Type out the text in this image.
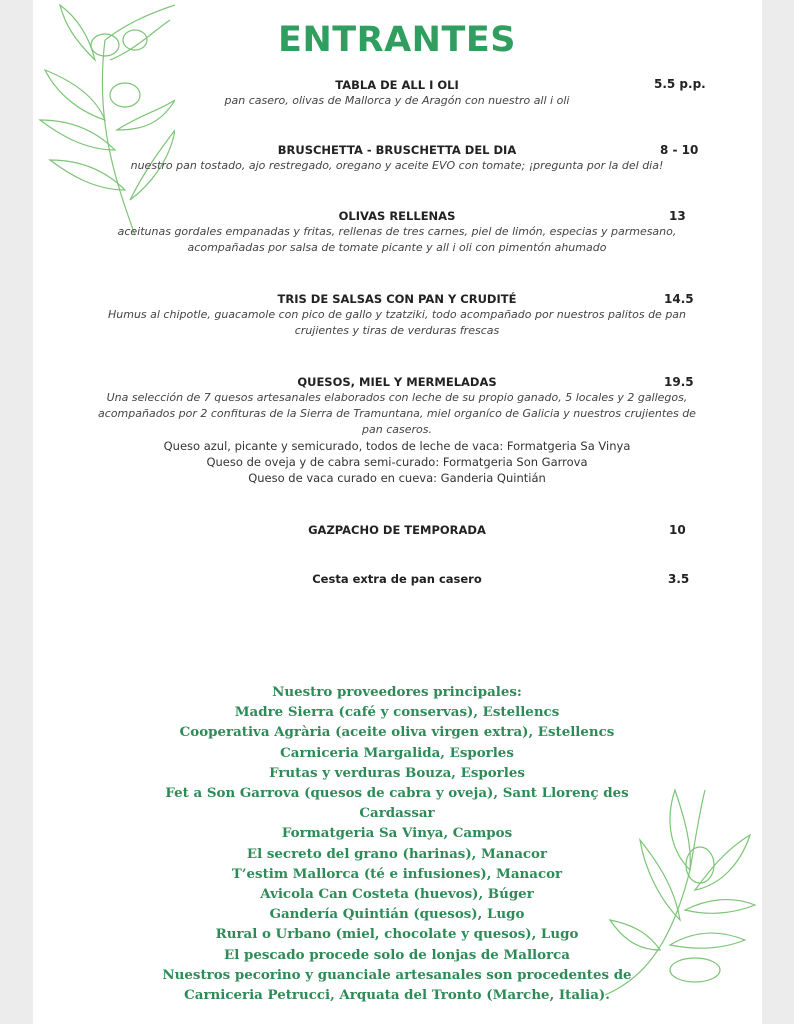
ENTRANTES
TABLA DE ALL I OLI
pan casero, olivas de Mallorca y de Aragón con nuestro all i oli
5.5 p.p.
BRUSCHETTA - BRUSCHETTA DEL DIA
nuestro pan tostado, ajo restregado, oregano y aceite EVO con tomate; ¡pregunta por la del dia!
8 - 10
OLIVAS RELLENAS
aceitunas gordales empanadas y fritas, rellenas de tres carnes, piel de limón, especias y parmesano,
acompañadas por salsa de tomate picante y all i oli con pimentón ahumado
13
TRIS DE SALSAS CON PAN Y CRUDITÉ
Humus al chipotle, guacamole con pico de gallo y tzatziki, todo acompañado por nuestros palitos de pan
crujientes y tiras de verduras frescas
14.5
QUESOS, MIEL Y MERMELADAS
Una selección de 7 quesos artesanales elaborados con leche de su propio ganado, 5 locales y 2 gallegos,
acompañados por 2 confituras de la Sierra de Tramuntana, miel organíco de Galicia y nuestros crujientes de
pan caseros.
Queso azul, picante y semicurado, todos de leche de vaca: Formatgeria Sa Vinya
Queso de oveja y de cabra semi-curado: Formatgeria Son Garrova
Queso de vaca curado en cueva: Ganderia Quintián
19.5
GAZPACHO DE TEMPORADA	10
Cesta extra de pan casero	3.5
Nuestro proveedores principales:
Madre Sierra (café y conservas), Estellencs
Cooperativa Agrària (aceite oliva virgen extra), Estellencs
Carniceria Margalida, Esporles
Frutas y verduras Bouza, Esporles
Fet a Son Garrova (quesos de cabra y oveja), Sant Llorenç des
Cardassar
Formatgeria Sa Vinya, Campos
El secreto del grano (harinas), Manacor
T’estim Mallorca (té e infusiones), Manacor
Avicola Can Costeta (huevos), Búger
Gandería Quintián (quesos), Lugo
Rural o Urbano (miel, chocolate y quesos), Lugo
El pescado procede solo de lonjas de Mallorca
Nuestros pecorino y guanciale artesanales son procedentes de
Carniceria Petrucci, Arquata del Tronto (Marche, Italia).
